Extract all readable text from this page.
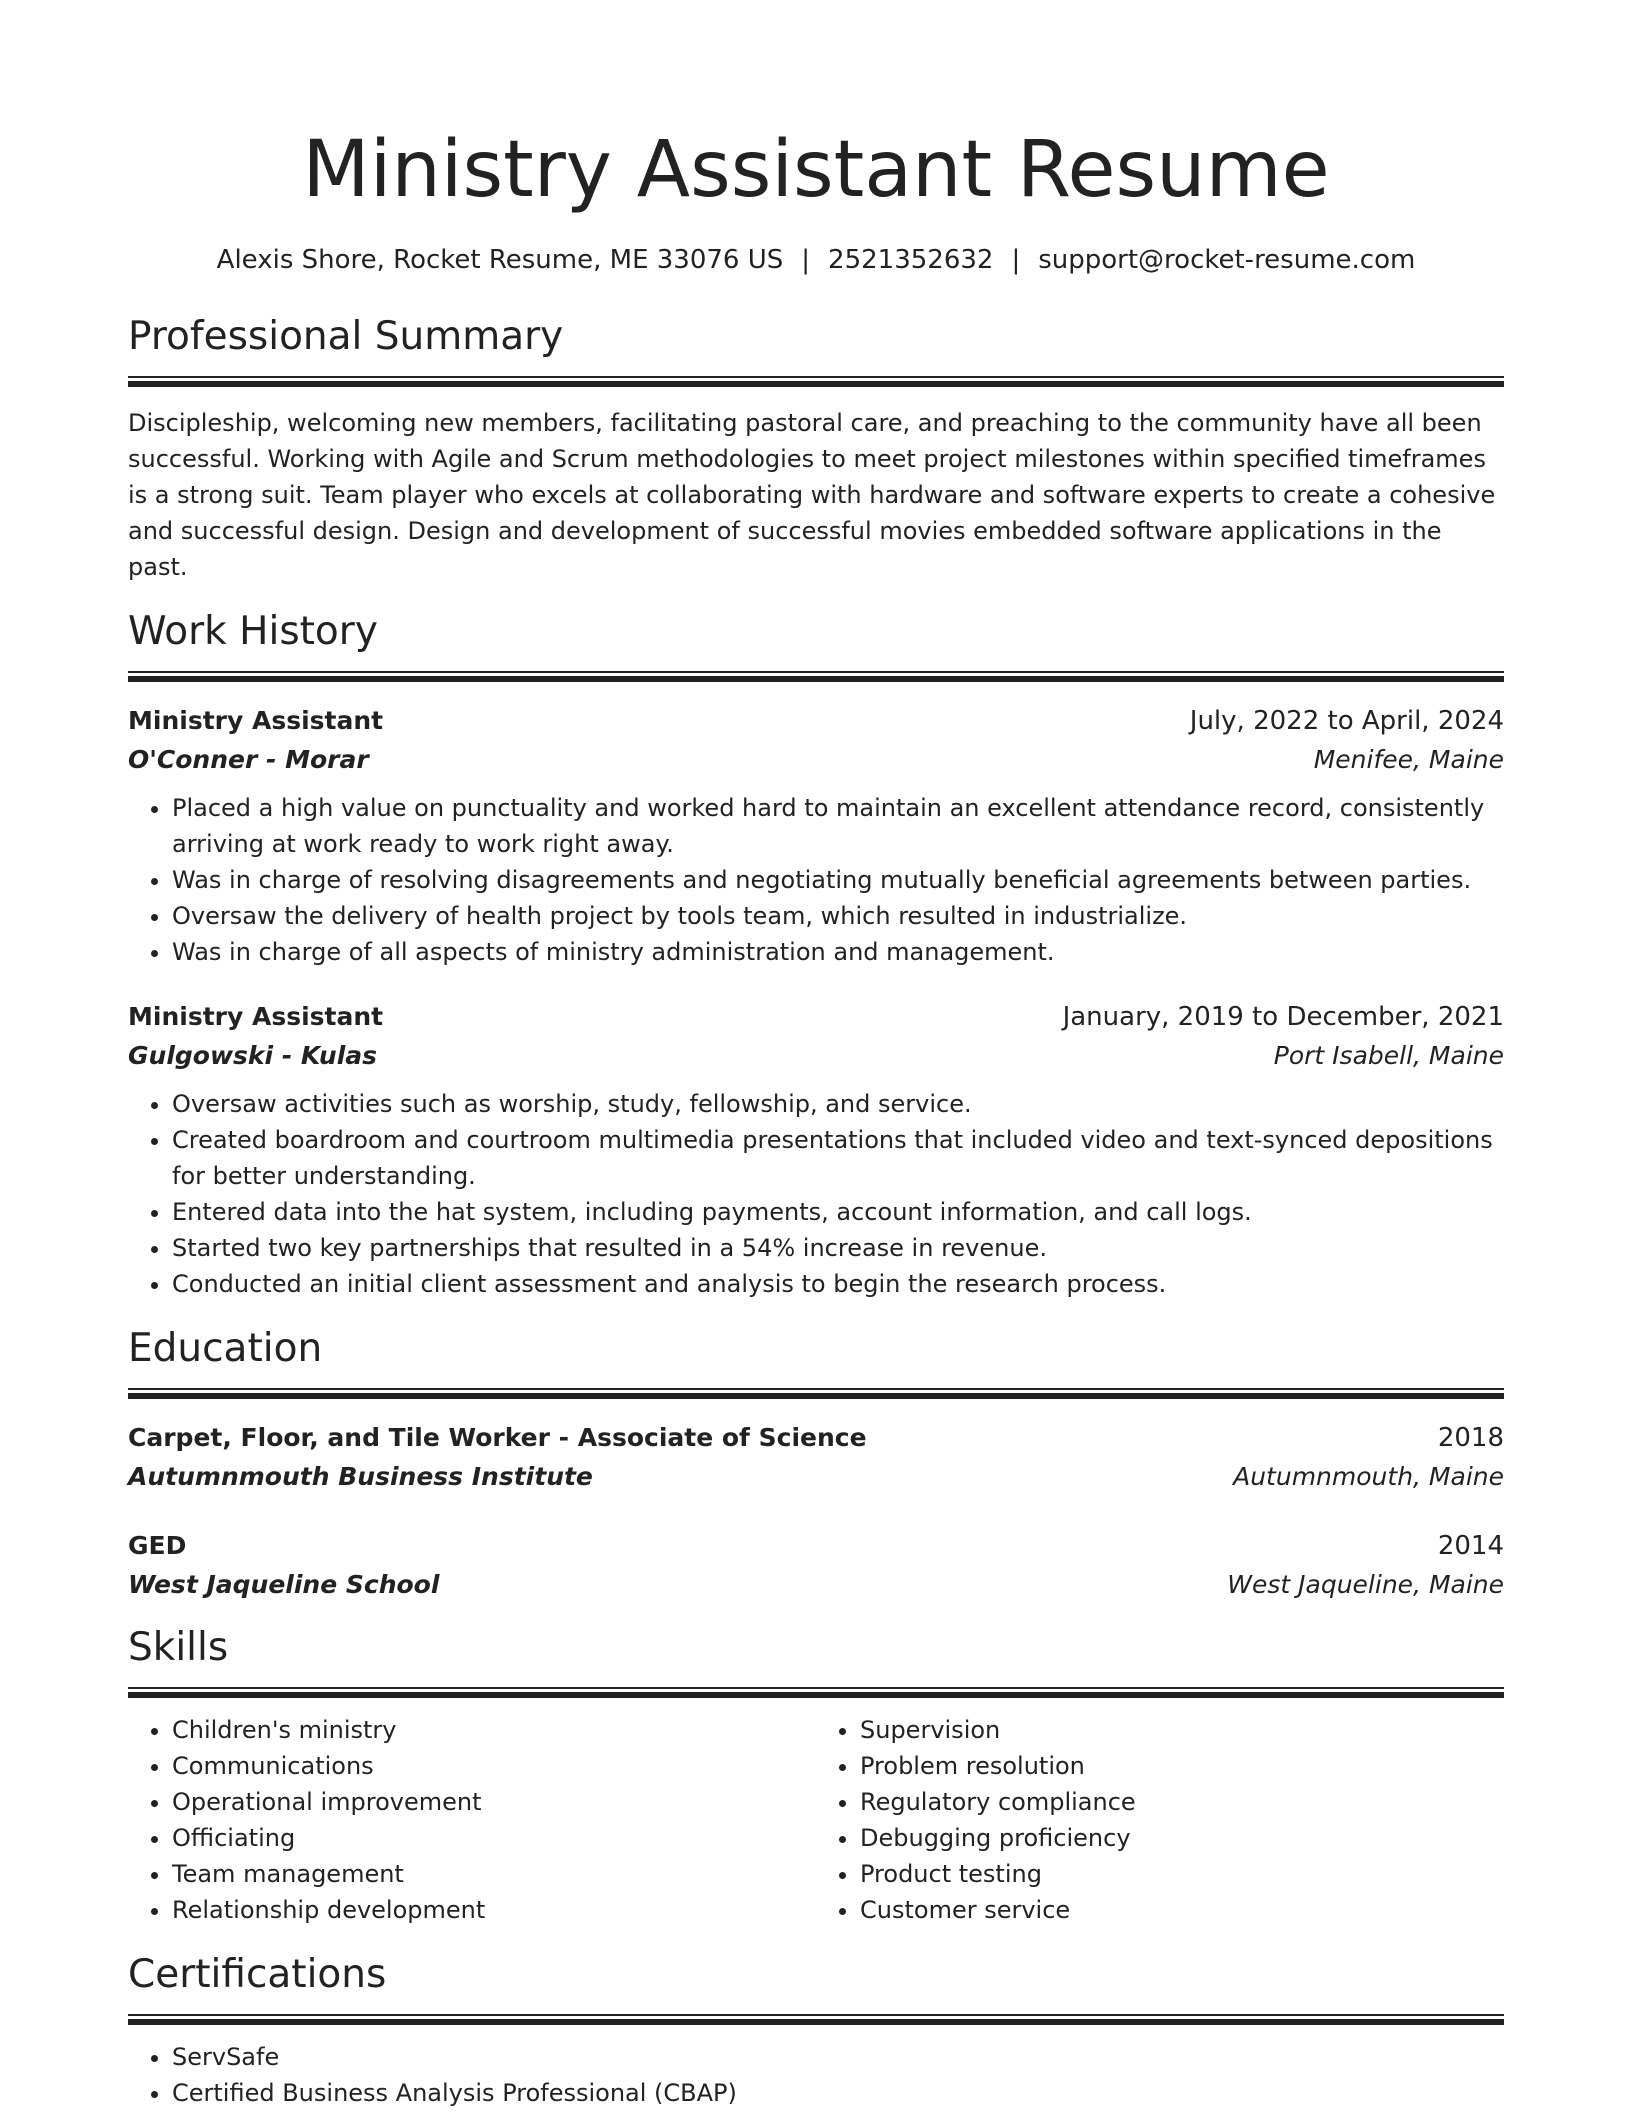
Ministry Assistant Resume
Alexis Shore, Rocket Resume, ME 33076 US | 2521352632 | support@rocket-resume.com
Professional Summary
Discipleship, welcoming new members, facilitating pastoral care, and preaching to the community have all been successful. Working with Agile and Scrum methodologies to meet project milestones within specified timeframes is a strong suit. Team player who excels at collaborating with hardware and software experts to create a cohesive and successful design. Design and development of successful movies embedded software applications in the past.
Work History
Ministry Assistant	July, 2022 to April, 2024
O'Conner - Morar	Menifee, Maine
• Placed a high value on punctuality and worked hard to maintain an excellent attendance record, consistently arriving at work ready to work right away.
• Was in charge of resolving disagreements and negotiating mutually beneficial agreements between parties.
• Oversaw the delivery of health project by tools team, which resulted in industrialize.
• Was in charge of all aspects of ministry administration and management.
Ministry Assistant	January, 2019 to December, 2021
Gulgowski - Kulas	Port Isabell, Maine
• Oversaw activities such as worship, study, fellowship, and service.
• Created boardroom and courtroom multimedia presentations that included video and text-synced depositions for better understanding.
• Entered data into the hat system, including payments, account information, and call logs.
• Started two key partnerships that resulted in a 54% increase in revenue.
• Conducted an initial client assessment and analysis to begin the research process.
Education
Carpet, Floor, and Tile Worker - Associate of Science	2018
Autumnmouth Business Institute	Autumnmouth, Maine
GED	2014
West Jaqueline School	West Jaqueline, Maine
Skills
• Children's ministry
• Communications
• Operational improvement
• Officiating
• Team management
• Relationship development
• Supervision
• Problem resolution
• Regulatory compliance
• Debugging proficiency
• Product testing
• Customer service
Certifications
• ServSafe
• Certified Business Analysis Professional (CBAP)
